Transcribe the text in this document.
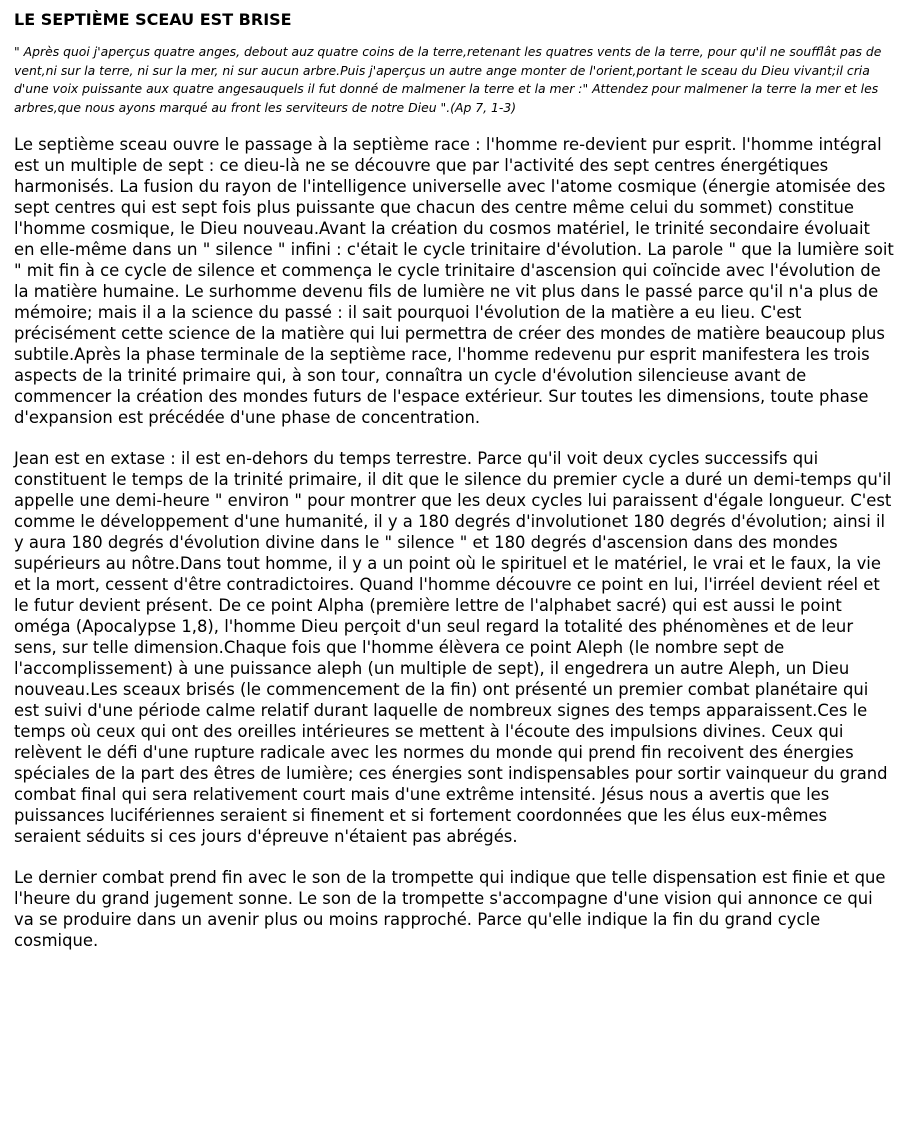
LE SEPTIÈME SCEAU EST BRISE
" Après quoi j'aperçus quatre anges, debout auz quatre coins de la terre,retenant les quatres vents de la terre, pour qu'il ne soufflât pas de vent,ni sur la terre, ni sur la mer, ni sur aucun arbre.Puis j'aperçus un autre ange monter de l'orient,portant le sceau du Dieu vivant;il cria d'une voix puissante aux quatre angesauquels il fut donné de malmener la terre et la mer :" Attendez pour malmener la terre la mer et les arbres,que nous ayons marqué au front les serviteurs de notre Dieu ".(Ap 7, 1-3)
Le septième sceau ouvre le passage à la septième race : l'homme re-devient pur esprit. l'homme intégral est un multiple de sept : ce dieu-là ne se découvre que par l'activité des sept centres énergétiques harmonisés. La fusion du rayon de l'intelligence universelle avec l'atome cosmique (énergie atomisée des sept centres qui est sept fois plus puissante que chacun des centre même celui du sommet) constitue l'homme cosmique, le Dieu nouveau.Avant la création du cosmos matériel, le trinité secondaire évoluait en elle-même dans un " silence " infini : c'était le cycle trinitaire d'évolution. La parole " que la lumière soit " mit fin à ce cycle de silence et commença le cycle trinitaire d'ascension qui coïncide avec l'évolution de la matière humaine. Le surhomme devenu fils de lumière ne vit plus dans le passé parce qu'il n'a plus de mémoire; mais il a la science du passé : il sait pourquoi l'évolution de la matière a eu lieu. C'est précisément cette science de la matière qui lui permettra de créer des mondes de matière beaucoup plus subtile.Après la phase terminale de la septième race, l'homme redevenu pur esprit manifestera les trois aspects de la trinité primaire qui, à son tour, connaîtra un cycle d'évolution silencieuse avant de commencer la création des mondes futurs de l'espace extérieur. Sur toutes les dimensions, toute phase d'expansion est précédée d'une phase de concentration.
Jean est en extase : il est en-dehors du temps terrestre. Parce qu'il voit deux cycles successifs qui constituent le temps de la trinité primaire, il dit que le silence du premier cycle a duré un demi-temps qu'il appelle une demi-heure " environ " pour montrer que les deux cycles lui paraissent d'égale longueur. C'est comme le développement d'une humanité, il y a 180 degrés d'involutionet 180 degrés d'évolution; ainsi il y aura 180 degrés d'évolution divine dans le " silence " et 180 degrés d'ascension dans des mondes supérieurs au nôtre.Dans tout homme, il y a un point où le spirituel et le matériel, le vrai et le faux, la vie et la mort, cessent d'être contradictoires. Quand l'homme découvre ce point en lui, l'irréel devient réel et le futur devient présent. De ce point Alpha (première lettre de l'alphabet sacré) qui est aussi le point oméga (Apocalypse 1,8), l'homme Dieu perçoit d'un seul regard la totalité des phénomènes et de leur sens, sur telle dimension.Chaque fois que l'homme élèvera ce point Aleph (le nombre sept de l'accomplissement) à une puissance aleph (un multiple de sept), il engedrera un autre Aleph, un Dieu nouveau.Les sceaux brisés (le commencement de la fin) ont présenté un premier combat planétaire qui est suivi d'une période calme relatif durant laquelle de nombreux signes des temps apparaissent.Ces le temps où ceux qui ont des oreilles intérieures se mettent à l'écoute des impulsions divines. Ceux qui relèvent le défi d'une rupture radicale avec les normes du monde qui prend fin recoivent des énergies spéciales de la part des êtres de lumière; ces énergies sont indispensables pour sortir vainqueur du grand combat final qui sera relativement court mais d'une extrême intensité. Jésus nous a avertis que les puissances lucifériennes seraient si finement et si fortement coordonnées que les élus eux-mêmes seraient séduits si ces jours d'épreuve n'étaient pas abrégés.
Le dernier combat prend fin avec le son de la trompette qui indique que telle dispensation est finie et que l'heure du grand jugement sonne. Le son de la trompette s'accompagne d'une vision qui annonce ce qui va se produire dans un avenir plus ou moins rapproché. Parce qu'elle indique la fin du grand cycle cosmique.
